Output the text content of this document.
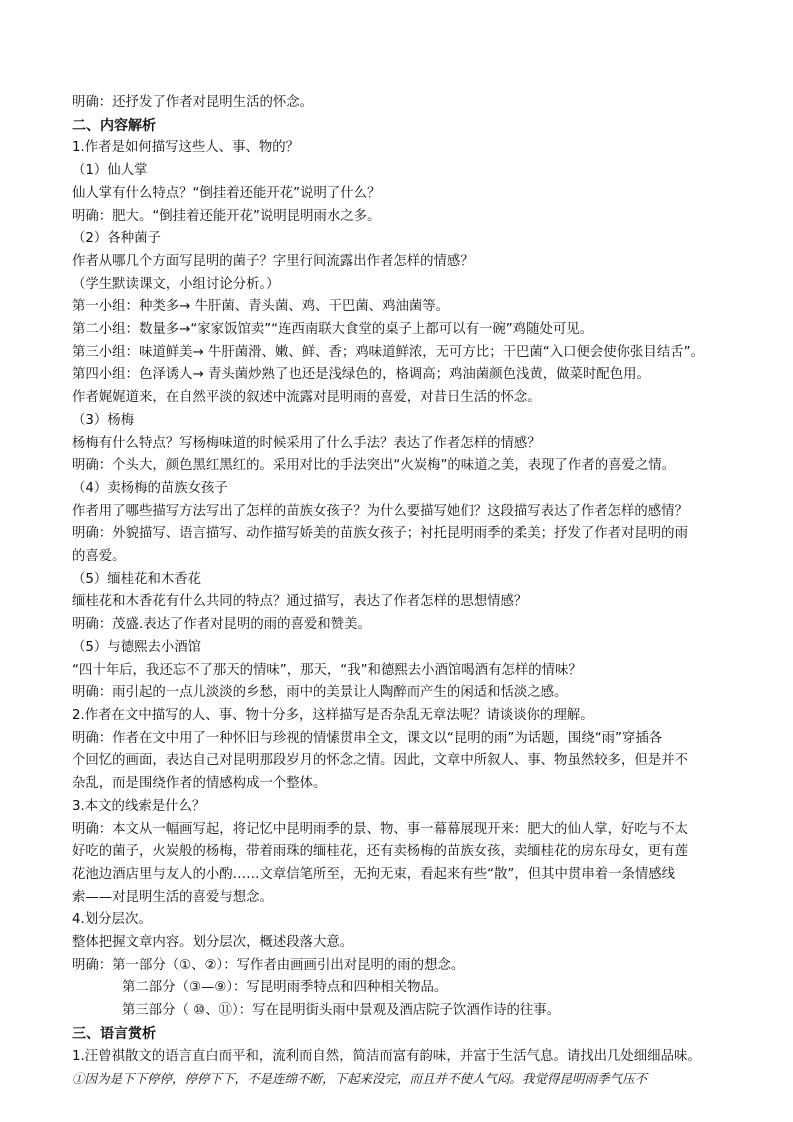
明确：还抒发了作者对昆明生活的怀念。
二、内容解析
1.作者是如何描写这些人、事、物的？
（1）仙人掌
仙人掌有什么特点？“倒挂着还能开花”说明了什么？
明确：肥大。“倒挂着还能开花”说明昆明雨水之多。
（2）各种菌子
作者从哪几个方面写昆明的菌子？字里行间流露出作者怎样的情感？
（学生默读课文，小组讨论分析。）
第一小组：种类多→ 牛肝菌、青头菌、鸡、干巴菌、鸡油菌等。
第二小组：数量多→“家家饭馆卖”“连西南联大食堂的桌子上都可以有一碗”鸡随处可见。
第三小组：味道鲜美→ 牛肝菌滑、嫩、鲜、香；鸡味道鲜浓，无可方比；干巴菌“入口便会使你张目结舌”。
第四小组：色泽诱人→ 青头菌炒熟了也还是浅绿色的，格调高；鸡油菌颜色浅黄，做菜时配色用。
作者娓娓道来，在自然平淡的叙述中流露对昆明雨的喜爱，对昔日生活的怀念。
（3）杨梅
杨梅有什么特点？写杨梅味道的时候采用了什么手法？表达了作者怎样的情感？
明确：个头大，颜色黑红黑红的。采用对比的手法突出“火炭梅”的味道之美，表现了作者的喜爱之情。
（4）卖杨梅的苗族女孩子
作者用了哪些描写方法写出了怎样的苗族女孩子？为什么要描写她们？这段描写表达了作者怎样的感情？
明确：外貌描写、语言描写、动作描写娇美的苗族女孩子；衬托昆明雨季的柔美；抒发了作者对昆明的雨
的喜爱。
（5）缅桂花和木香花
缅桂花和木香花有什么共同的特点？通过描写，表达了作者怎样的思想情感？
明确：茂盛.表达了作者对昆明的雨的喜爱和赞美。
（5）与德熙去小酒馆
“四十年后，我还忘不了那天的情味”，那天，“我”和德熙去小酒馆喝酒有怎样的情味？
明确：雨引起的一点儿淡淡的乡愁，雨中的美景让人陶醉而产生的闲适和恬淡之感。
2.作者在文中描写的人、事、物十分多，这样描写是否杂乱无章法呢？请谈谈你的理解。
明确：作者在文中用了一种怀旧与珍视的情愫贯串全文，课文以“昆明的雨”为话题，围绕“雨”穿插各
个回忆的画面，表达自己对昆明那段岁月的怀念之情。因此，文章中所叙人、事、物虽然较多，但是并不
杂乱，而是围绕作者的情感构成一个整体。
3.本文的线索是什么？
明确：本文从一幅画写起，将记忆中昆明雨季的景、物、事一幕幕展现开来：肥大的仙人掌，好吃与不太
好吃的菌子，火炭般的杨梅，带着雨珠的缅桂花，还有卖杨梅的苗族女孩，卖缅桂花的房东母女，更有莲
花池边酒店里与友人的小酌……文章信笔所至，无拘无束，看起来有些“散”，但其中贯串着一条情感线
索——对昆明生活的喜爱与想念。
4.划分层次。
整体把握文章内容。划分层次，概述段落大意。
明确：第一部分（①、②）：写作者由画画引出对昆明的雨的想念。
第二部分（③—⑨）：写昆明雨季特点和四种相关物品。
第三部分（ ⑩、⑪）：写在昆明街头雨中景观及酒店院子饮酒作诗的往事。
三、语言赏析
1.汪曾祺散文的语言直白而平和，流利而自然，简洁而富有韵味，并富于生活气息。请找出几处细细品味。
①因为是下下停停，停停下下，不是连绵不断，下起来没完，而且并不使人气闷。我觉得昆明雨季气压不
